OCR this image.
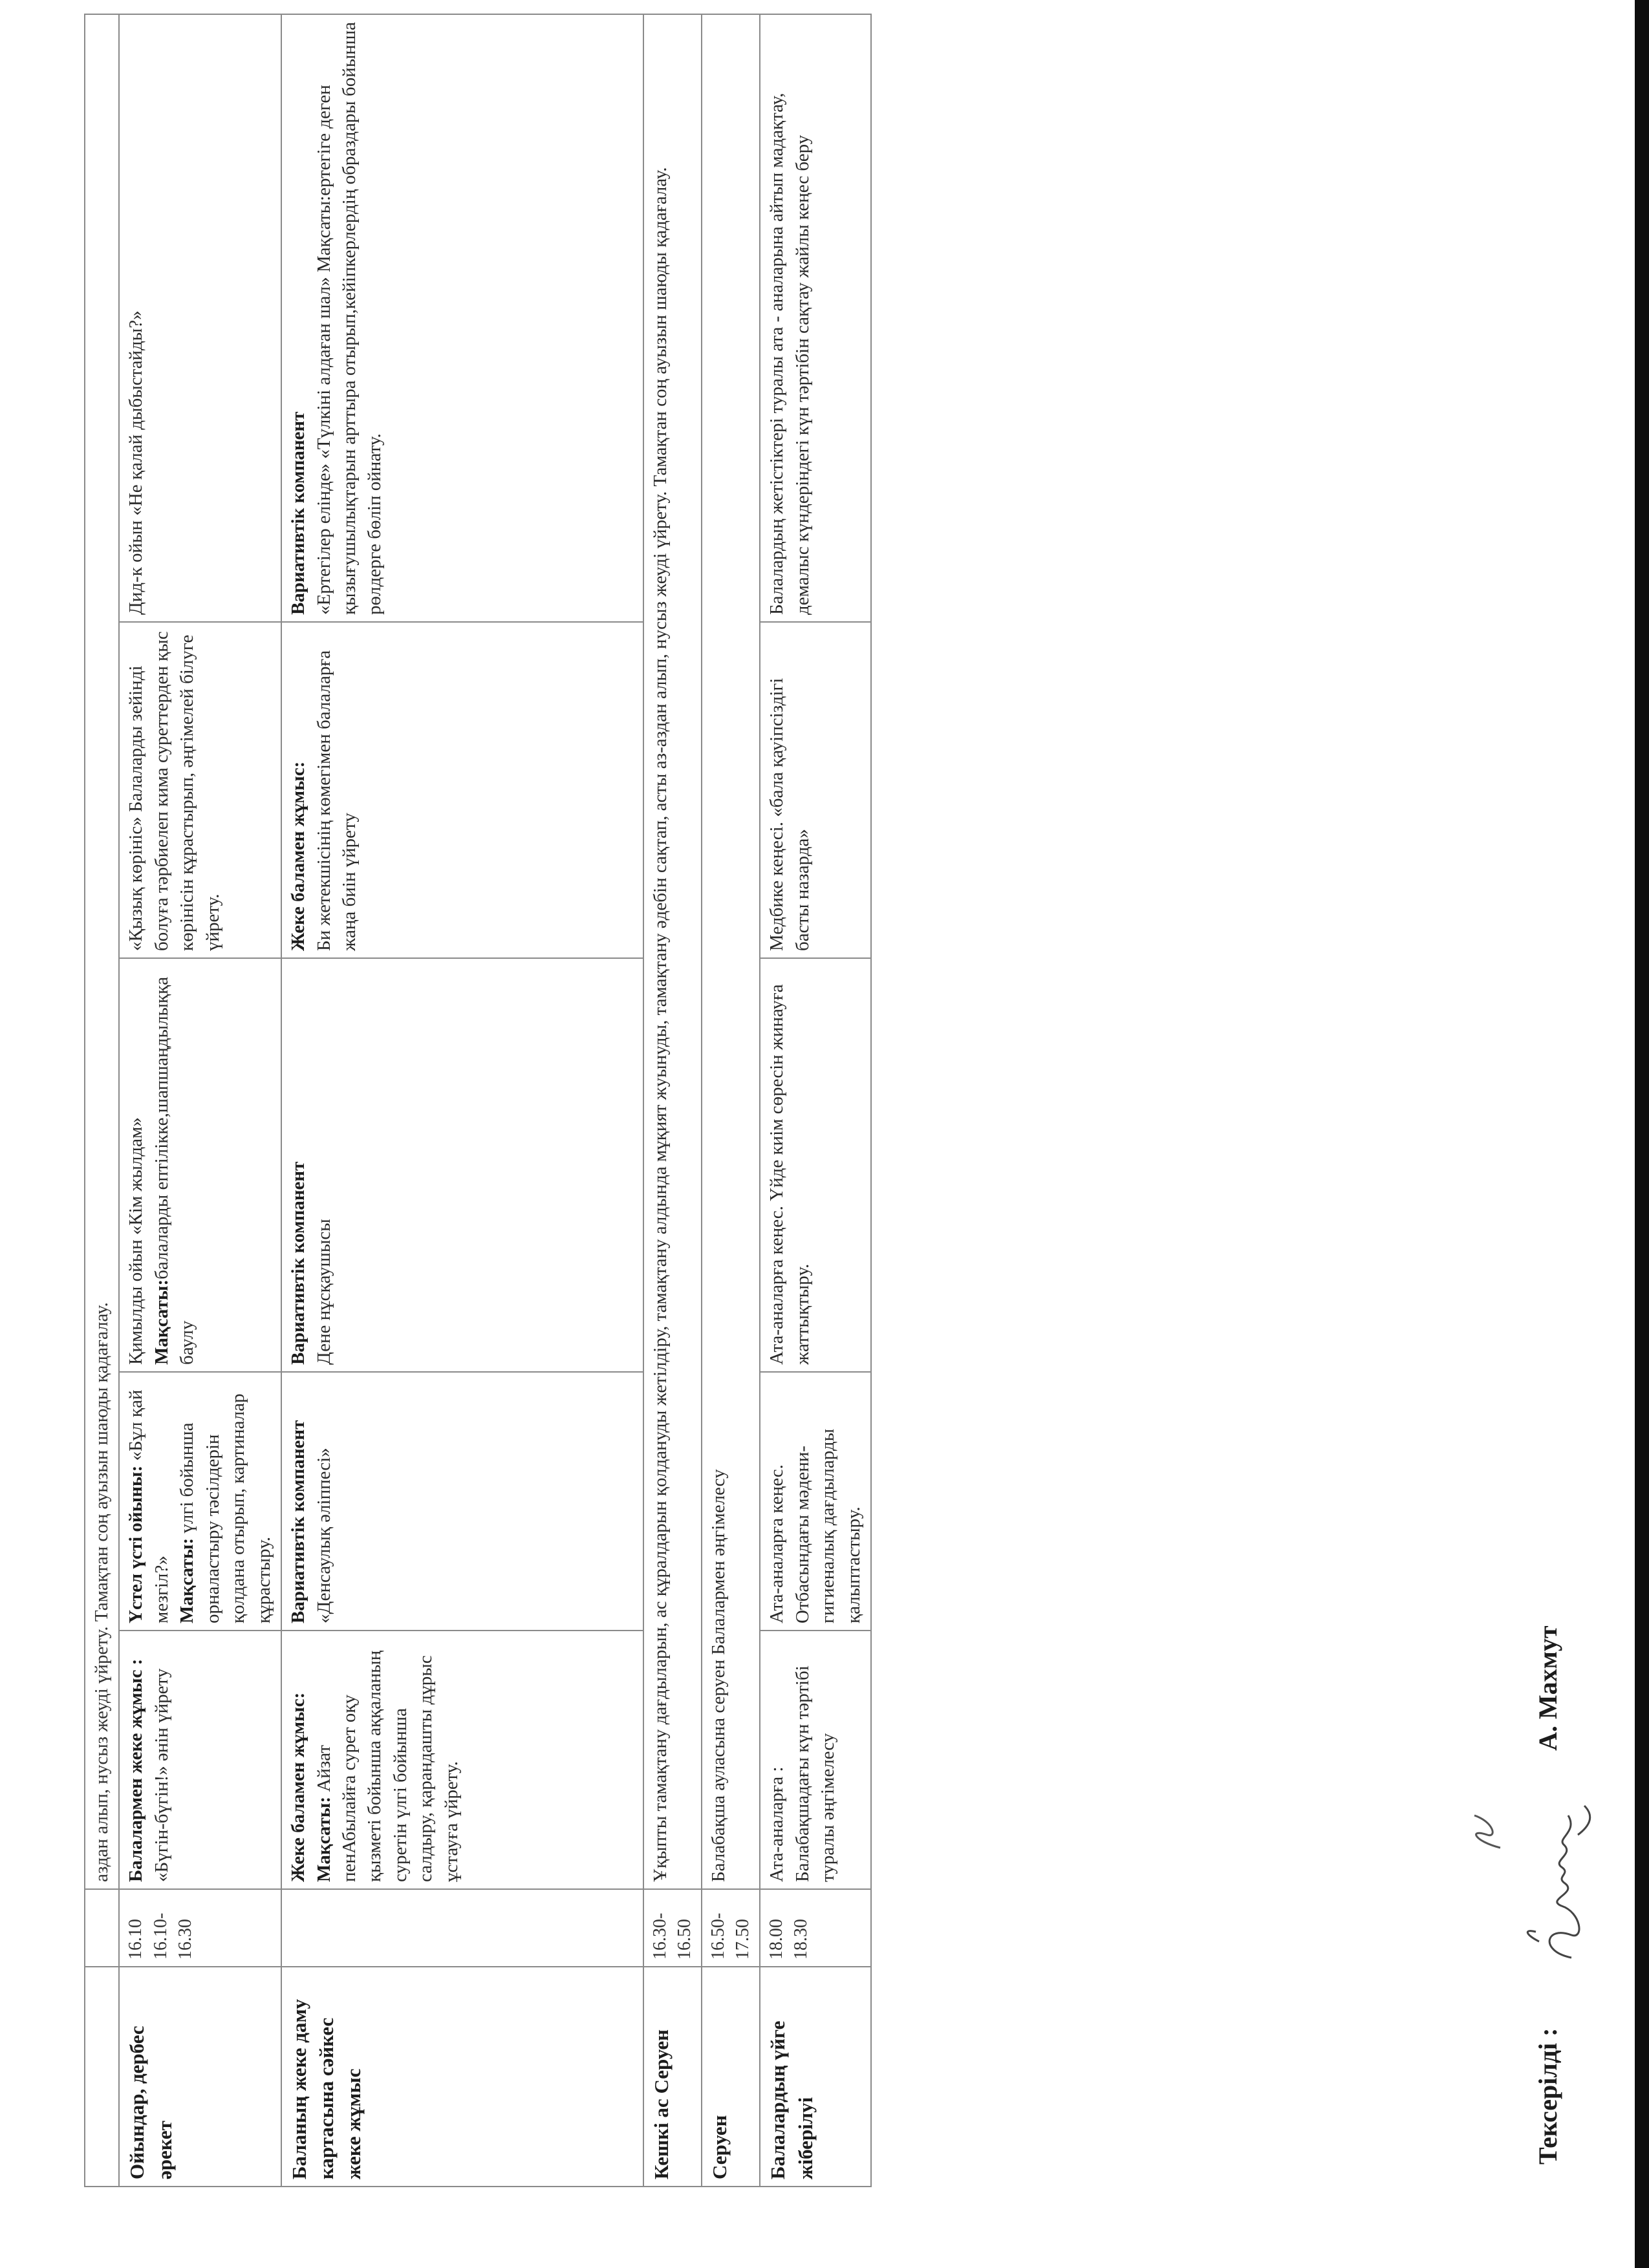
		аздан алып, нусыз жеуді үйрету. Тамақтан соң ауызын шаюды қадағалау.				
Ойындар, дербес әрекет	16.10 16.10-16.30	Балалармен жеке жұмыс : «Бүгін-бүгін!» әнін үйрету	Үстел үсті ойыны: «Бұл қай мезгіл?» Мақсаты: үлгі бойынша орналастыру тәсілдерін қолдана отырып, картиналар құрастыру.	Қимылды ойын «Кім жылдам» Мақсаты:балаларды ептілікке,шапшаңдылыққа баулу	«Қызық көрініс» Балаларды зейінді болуға тәрбиелеп кима суреттерден қыс көрінісін құрастырып, әңгімелей білуге үйрету.	Дид-к ойын «Не қалай дыбыстайды?»
Баланың жеке даму картасына сәйкес жеке жұмыс		Жеке баламен жұмыс: Мақсаты: Айзат пенАбылайға сурет оқу қызметі бойынша аққаланың суретін үлгі бойынша салдыру, қарандашты дұрыс ұстауға үйрету.	Вариативтік компанент «Денсаулық әліппесі»	Вариативтік компанент Дене нұсқаушысы	Жеке баламен жұмыс: Би жетекшісінің көмегімен балаларға жаңа биін үйрету	Вариативтік компанент «Ертегілер елінде» «Түлкіні алдаған шал» Мақсаты:ертегіге деген қызығушылықтарын арттыра отырып,кейіпкерлердің образдары бойынша рөлдерге бөліп ойнату.
Кешкі ас Серуен	16.30-16.50	Ұқыпты тамақтану дағдыларын, ас құралдарын қолдануды жетілдіру, тамақтану алдында мұқият жуынуды, тамақтану әдебін сақтап, асты аз-аздан алып, нусыз жеуді үйрету. Тамақтан соң ауызын шаюды қадағалау.				
Серуен	16.50-17.50	Балабақша ауласына серуен Балалармен әңгімелесу				
Балалардың үйге жіберілуі	18.00 18.30	Ата-аналарға : Балабақшадағы күн тәртібі туралы әңгімелесу	Ата-аналарға кеңес. Отбасындағы мәдени-гигиеналық дағдыларды қалыптастыру.	Ата-аналарға кеңес. Үйде киім сөресін жинауға жаттықтыру.	Медбике кеңесі. «бала қауіпсіздігі басты назарда»	Балалардың жетістіктері туралы ата - аналарына айтып мадақтау, демалыс күндеріндегі күн тәртібін сақтау жайлы кеңес беру
Тексерілді :
А. Махмут
